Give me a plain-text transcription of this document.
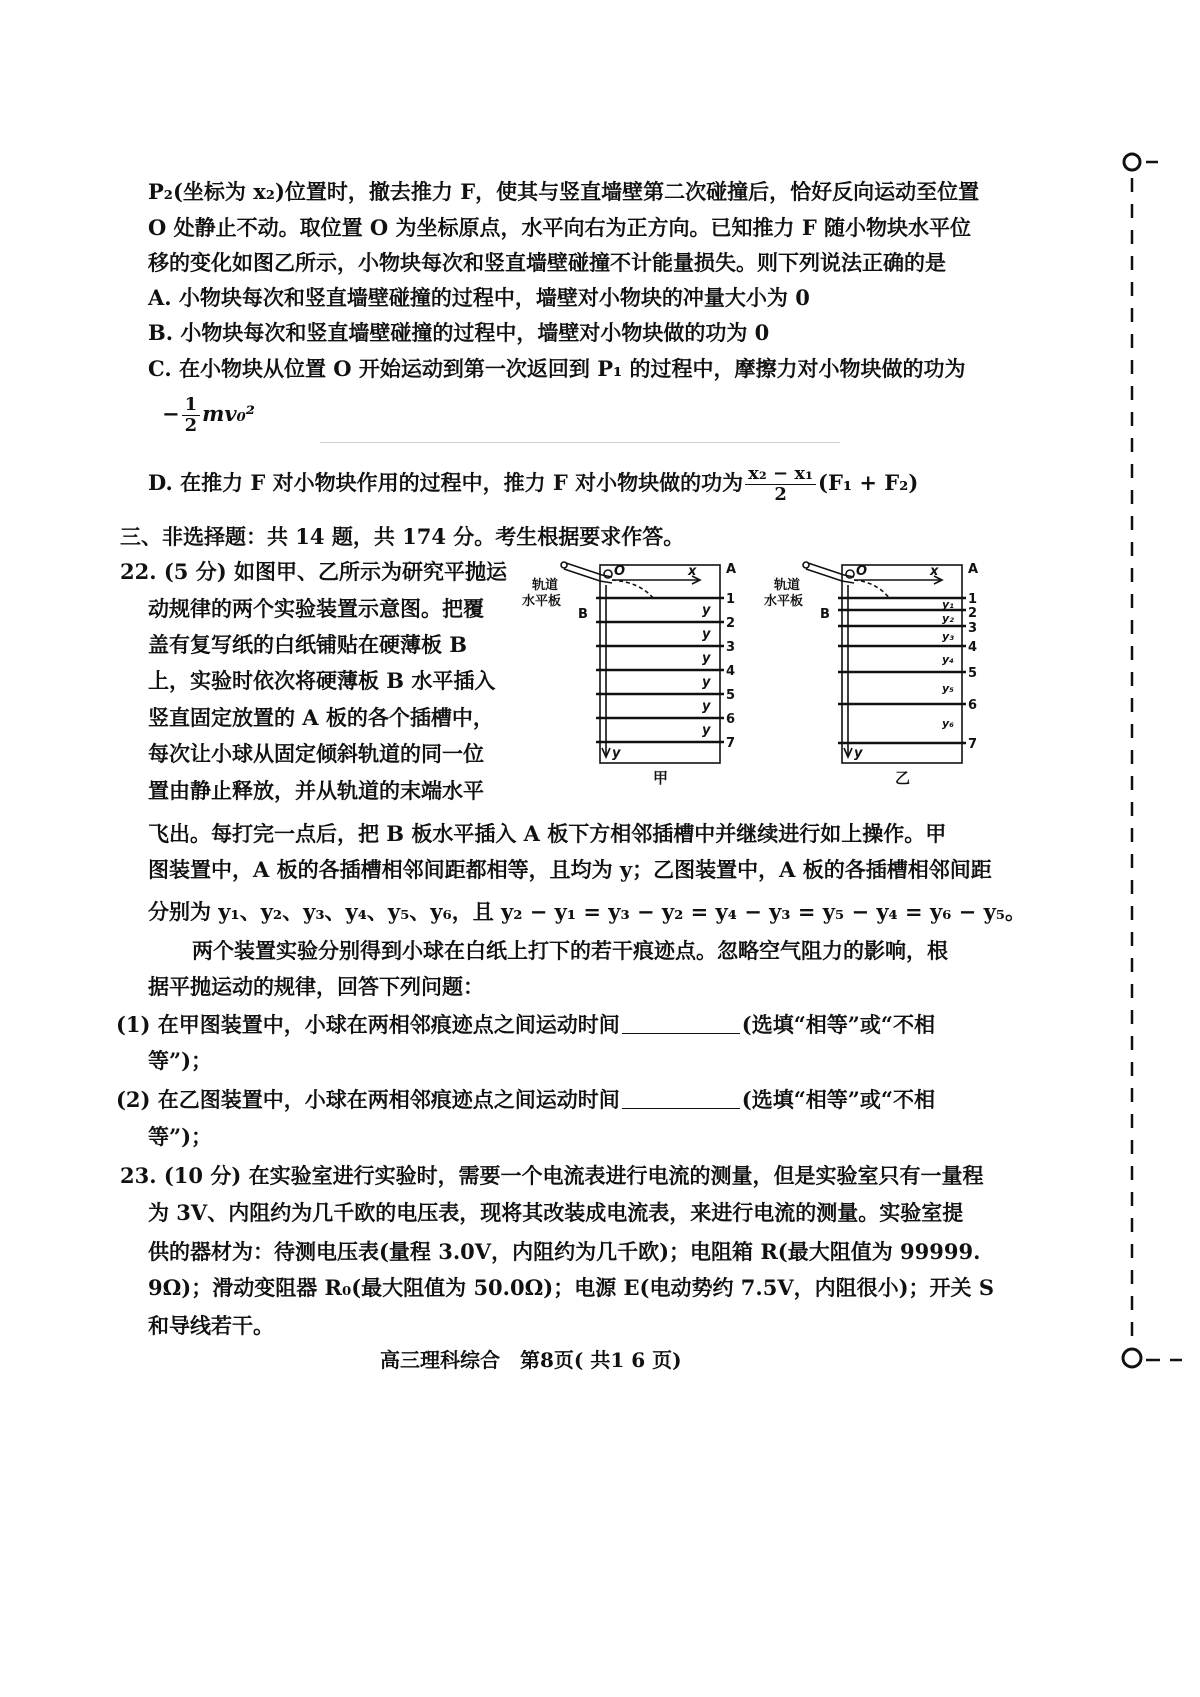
P₂(坐标为 x₂)位置时，撤去推力 F，使其与竖直墙壁第二次碰撞后，恰好反向运动至位置
O 处静止不动。取位置 O 为坐标原点，水平向右为正方向。已知推力 F 随小物块水平位
移的变化如图乙所示，小物块每次和竖直墙壁碰撞不计能量损失。则下列说法正确的是
A. 小物块每次和竖直墙壁碰撞的过程中，墙壁对小物块的冲量大小为 0
B. 小物块每次和竖直墙壁碰撞的过程中，墙壁对小物块做的功为 0
C. 在小物块从位置 O 开始运动到第一次返回到 P₁ 的过程中，摩擦力对小物块做的功为
− $\frac{1}{2} mv_0^2$
D. 在推力 F 对小物块作用的过程中，推力 F 对小物块做的功为 $\frac{\text{x₂ − x₁}}{2} (F_1 + F_2)$
三、非选择题：共 14 题，共 174 分。考生根据要求作答。
22. (5 分) 如图甲、乙所示为研究平抛运
动规律的两个实验装置示意图。把覆
盖有复写纸的白纸铺贴在硬薄板 B
上，实验时依次将硬薄板 B 水平插入
竖直固定放置的 A 板的各个插槽中，
每次让小球从固定倾斜轨道的同一位
置由静止释放，并从轨道的末端水平
飞出。每打完一点后，把 B 板水平插入 A 板下方相邻插槽中并继续进行如上操作。甲
图装置中，A 板的各插槽相邻间距都相等，且均为 y；乙图装置中，A 板的各插槽相邻间距
分别为 y₁、y₂、y₃、y₄、y₅、y₆，且 y₂ − y₁ = y₃ − y₂ = y₄ − y₃ = y₅ − y₄ = y₆ − y₅。
两个装置实验分别得到小球在白纸上打下的若干痕迹点。忽略空气阻力的影响，根
据平抛运动的规律，回答下列问题：
(1) 在甲图装置中，小球在两相邻痕迹点之间运动时间	(选填“相等”或“不相
等”)；
(2) 在乙图装置中，小球在两相邻痕迹点之间运动时间	(选填“相等”或“不相
等”)；
23. (10 分) 在实验室进行实验时，需要一个电流表进行电流的测量，但是实验室只有一量程
为 3V、内阻约为几千欧的电压表，现将其改装成电流表，来进行电流的测量。实验室提
供的器材为：待测电压表(量程 3.0V，内阻约为几千欧)；电阻箱 R(最大阻值为 99999.
9Ω)；滑动变阻器 R₀(最大阻值为 50.0Ω)；电源 E(电动势约 7.5V，内阻很小)；开关 S
和导线若干。
高三理科综合　第8页( 共1 6 页)
轨道
水平板
B
A
O	x
y
1
2
3
4
5
6
7
y
y
y
y
y
y
甲
轨道
水平板
B
A
O	x
y
1
2
3
4
5
6
7
y₁
y₂
y₃
y₄
y₅
y₆
乙
